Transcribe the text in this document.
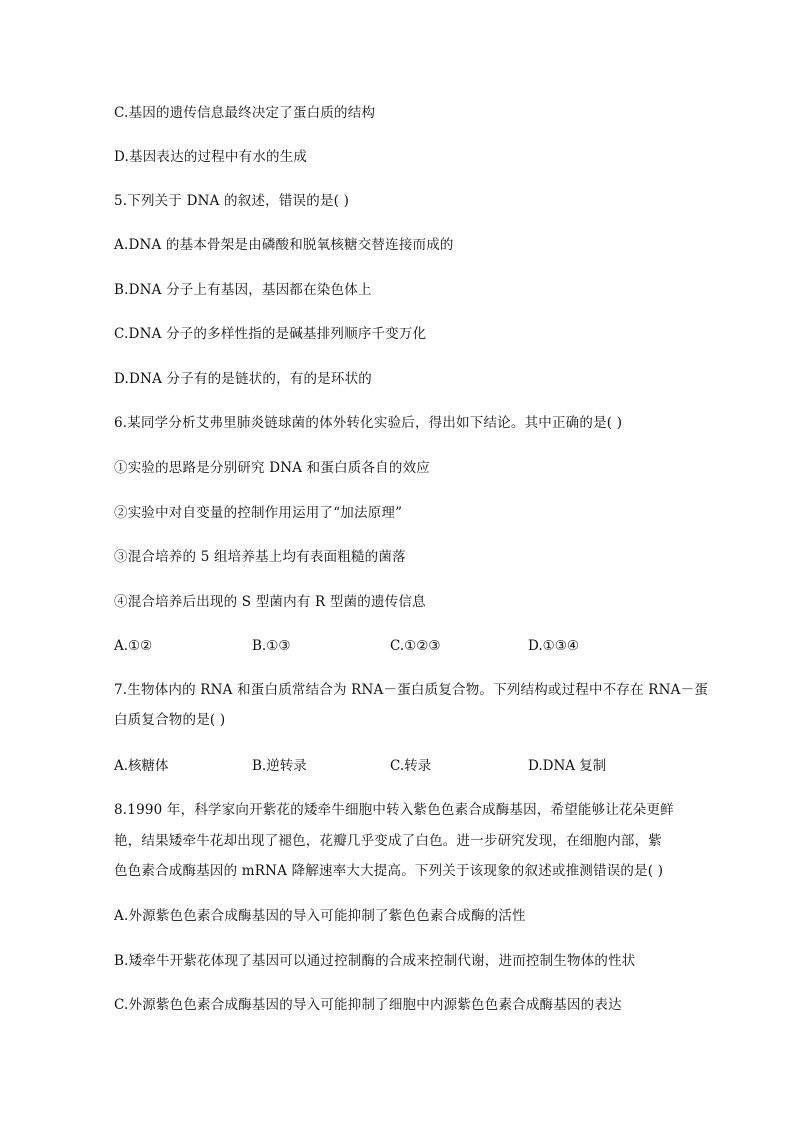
C.基因的遗传信息最终决定了蛋白质的结构
D.基因表达的过程中有水的生成
5.下列关于 DNA 的叙述，错误的是( )
A.DNA 的基本骨架是由磷酸和脱氧核糖交替连接而成的
B.DNA 分子上有基因，基因都在染色体上
C.DNA 分子的多样性指的是碱基排列顺序千变万化
D.DNA 分子有的是链状的，有的是环状的
6.某同学分析艾弗里肺炎链球菌的体外转化实验后，得出如下结论。其中正确的是( )
①实验的思路是分别研究 DNA 和蛋白质各自的效应
②实验中对自变量的控制作用运用了“加法原理”
③混合培养的 5 组培养基上均有表面粗糙的菌落
④混合培养后出现的 S 型菌内有 R 型菌的遗传信息
A.①②	B.①③	C.①②③	D.①③④
7.生物体内的 RNA 和蛋白质常结合为 RNA－蛋白质复合物。下列结构或过程中不存在 RNA－蛋
白质复合物的是( )
A.核糖体	B.逆转录	C.转录	D.DNA 复制
8.1990 年，科学家向开紫花的矮牵牛细胞中转入紫色色素合成酶基因，希望能够让花朵更鲜
艳，结果矮牵牛花却出现了褪色，花瓣几乎变成了白色。进一步研究发现，在细胞内部，紫
色色素合成酶基因的 mRNA 降解速率大大提高。下列关于该现象的叙述或推测错误的是( )
A.外源紫色色素合成酶基因的导入可能抑制了紫色色素合成酶的活性
B.矮牵牛开紫花体现了基因可以通过控制酶的合成来控制代谢，进而控制生物体的性状
C.外源紫色色素合成酶基因的导入可能抑制了细胞中内源紫色色素合成酶基因的表达
